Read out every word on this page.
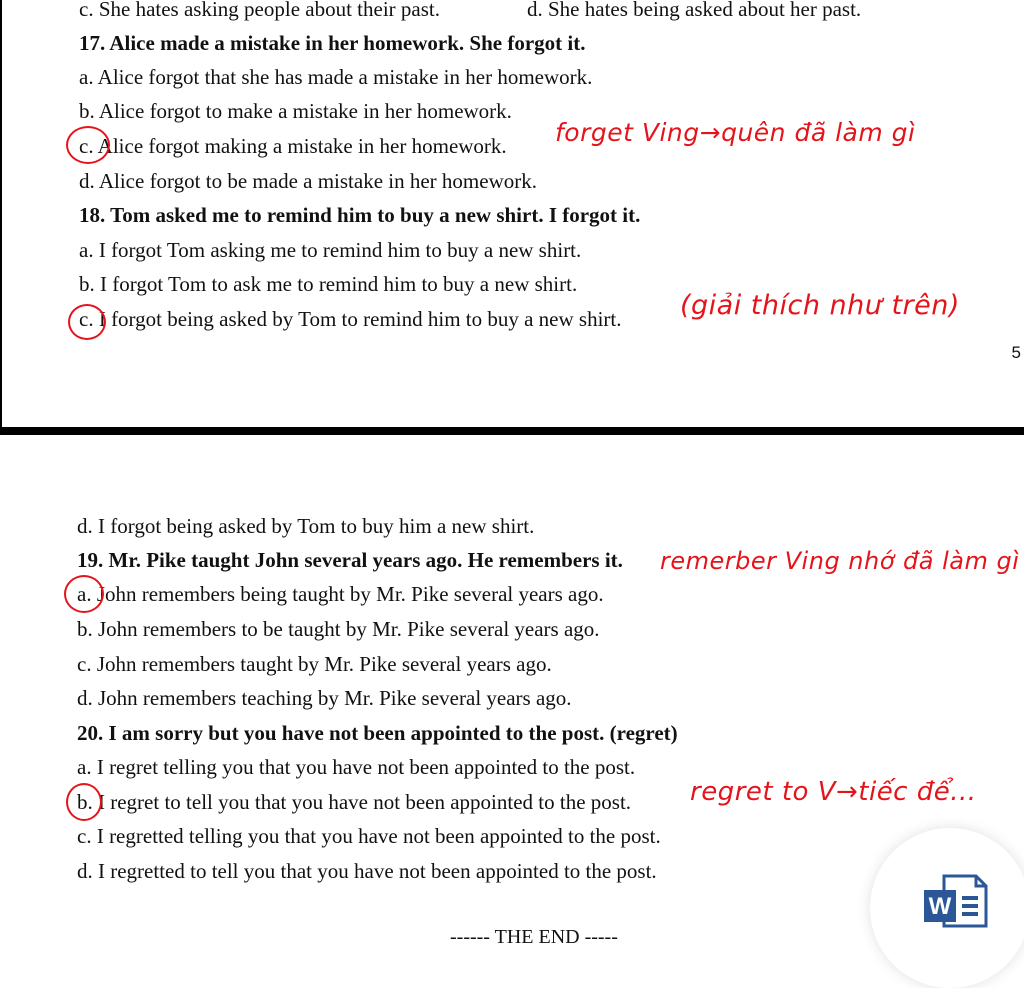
c. She hates asking people about their past.	d. She hates being asked about her past.
17. Alice made a mistake in her homework. She forgot it.
a. Alice forgot that she has made a mistake in her homework.
b. Alice forgot to make a mistake in her homework.
c. Alice forgot making a mistake in her homework. forget Ving→quên đã làm gì
d. Alice forgot to be made a mistake in her homework.
18. Tom asked me to remind him to buy a new shirt. I forgot it.
a. I forgot Tom asking me to remind him to buy a new shirt.
b. I forgot Tom to ask me to remind him to buy a new shirt.
c. I forgot being asked by Tom to remind him to buy a new shirt. (giải thích như trên)
5
d. I forgot being asked by Tom to buy him a new shirt.
19. Mr. Pike taught John several years ago. He remembers it.
a. John remembers being taught by Mr. Pike several years ago.
remerber Ving nhớ đã làm gì
b. John remembers to be taught by Mr. Pike several years ago.
c. John remembers taught by Mr. Pike several years ago.
d. John remembers teaching by Mr. Pike several years ago.
20. I am sorry but you have not been appointed to the post. (regret)
a. I regret telling you that you have not been appointed to the post.
b. I regret to tell you that you have not been appointed to the post. regret to V→tiếc để...
c. I regretted telling you that you have not been appointed to the post.
d. I regretted to tell you that you have not been appointed to the post.
------ THE END -----
W
